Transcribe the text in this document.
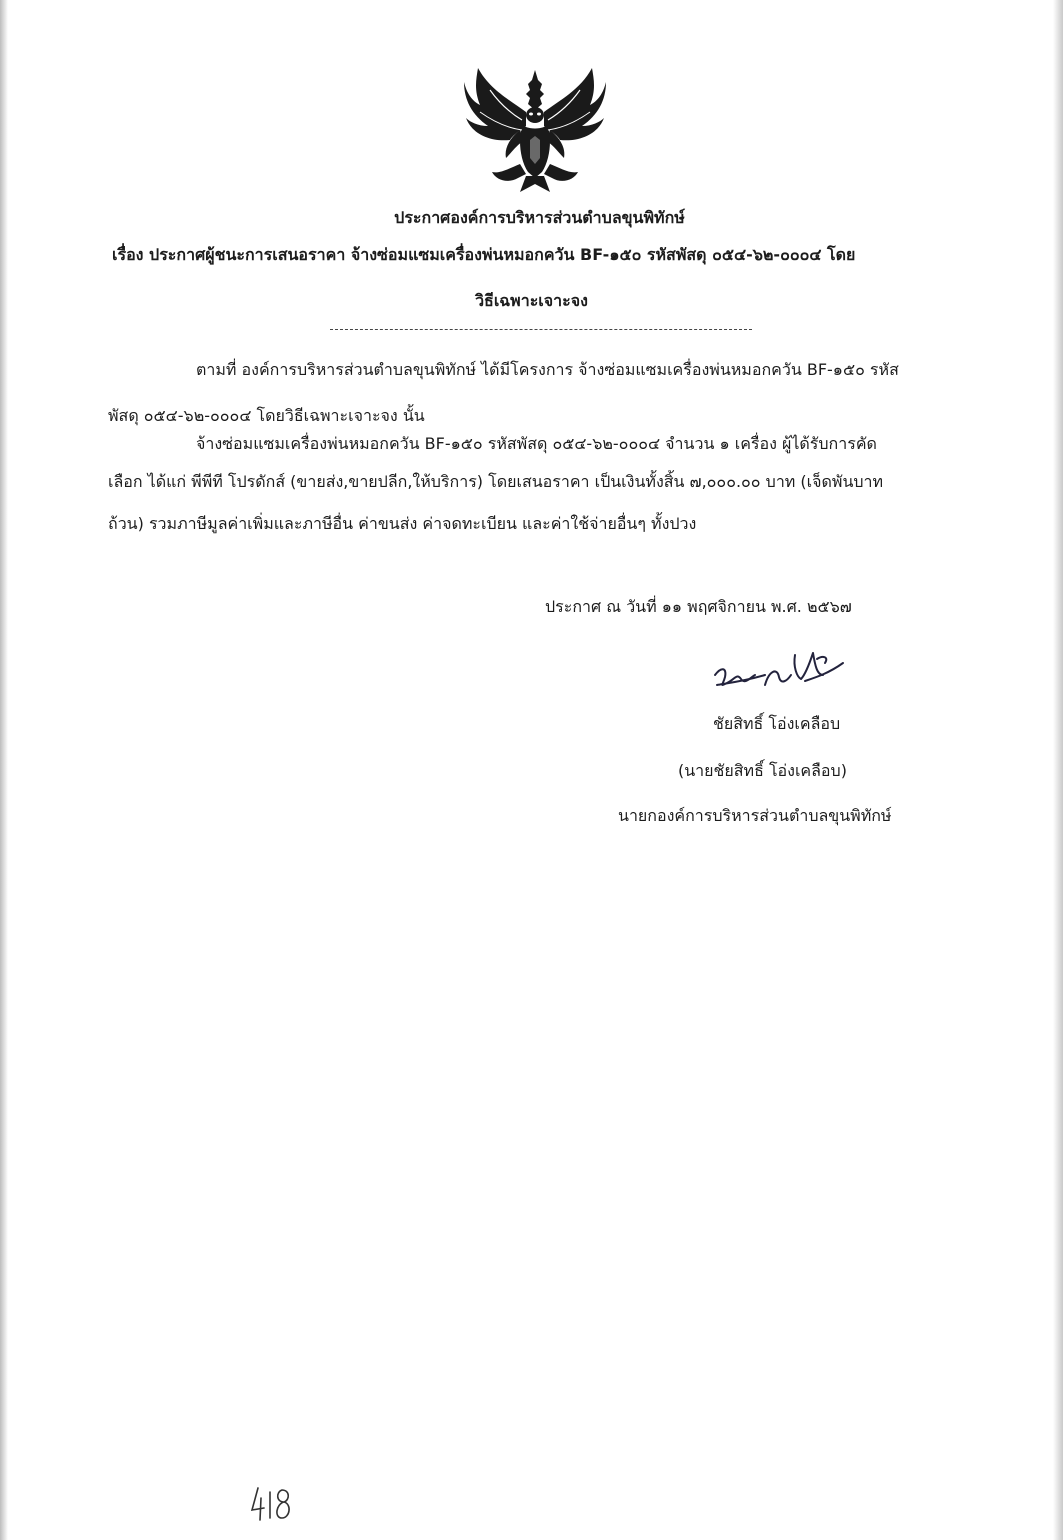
ประกาศองค์การบริหารส่วนตำบลขุนพิทักษ์
เรื่อง ประกาศผู้ชนะการเสนอราคา จ้างซ่อมแซมเครื่องพ่นหมอกควัน BF-๑๕๐ รหัสพัสดุ ๐๕๔-๖๒-๐๐๐๔ โดย
วิธีเฉพาะเจาะจง
ตามที่ องค์การบริหารส่วนตำบลขุนพิทักษ์ ได้มีโครงการ จ้างซ่อมแซมเครื่องพ่นหมอกควัน BF-๑๕๐ รหัส
พัสดุ ๐๕๔-๖๒-๐๐๐๔ โดยวิธีเฉพาะเจาะจง นั้น
จ้างซ่อมแซมเครื่องพ่นหมอกควัน BF-๑๕๐ รหัสพัสดุ ๐๕๔-๖๒-๐๐๐๔ จำนวน ๑ เครื่อง ผู้ได้รับการคัด
เลือก ได้แก่ พีพีที โปรดักส์ (ขายส่ง,ขายปลีก,ให้บริการ) โดยเสนอราคา เป็นเงินทั้งสิ้น ๗,๐๐๐.๐๐ บาท (เจ็ดพันบาท
ถ้วน) รวมภาษีมูลค่าเพิ่มและภาษีอื่น ค่าขนส่ง ค่าจดทะเบียน และค่าใช้จ่ายอื่นๆ ทั้งปวง
ประกาศ ณ วันที่ ๑๑ พฤศจิกายน พ.ศ. ๒๕๖๗
ชัยสิทธิ์ โอ่งเคลือบ
(นายชัยสิทธิ์ โอ่งเคลือบ)
นายกองค์การบริหารส่วนตำบลขุนพิทักษ์
